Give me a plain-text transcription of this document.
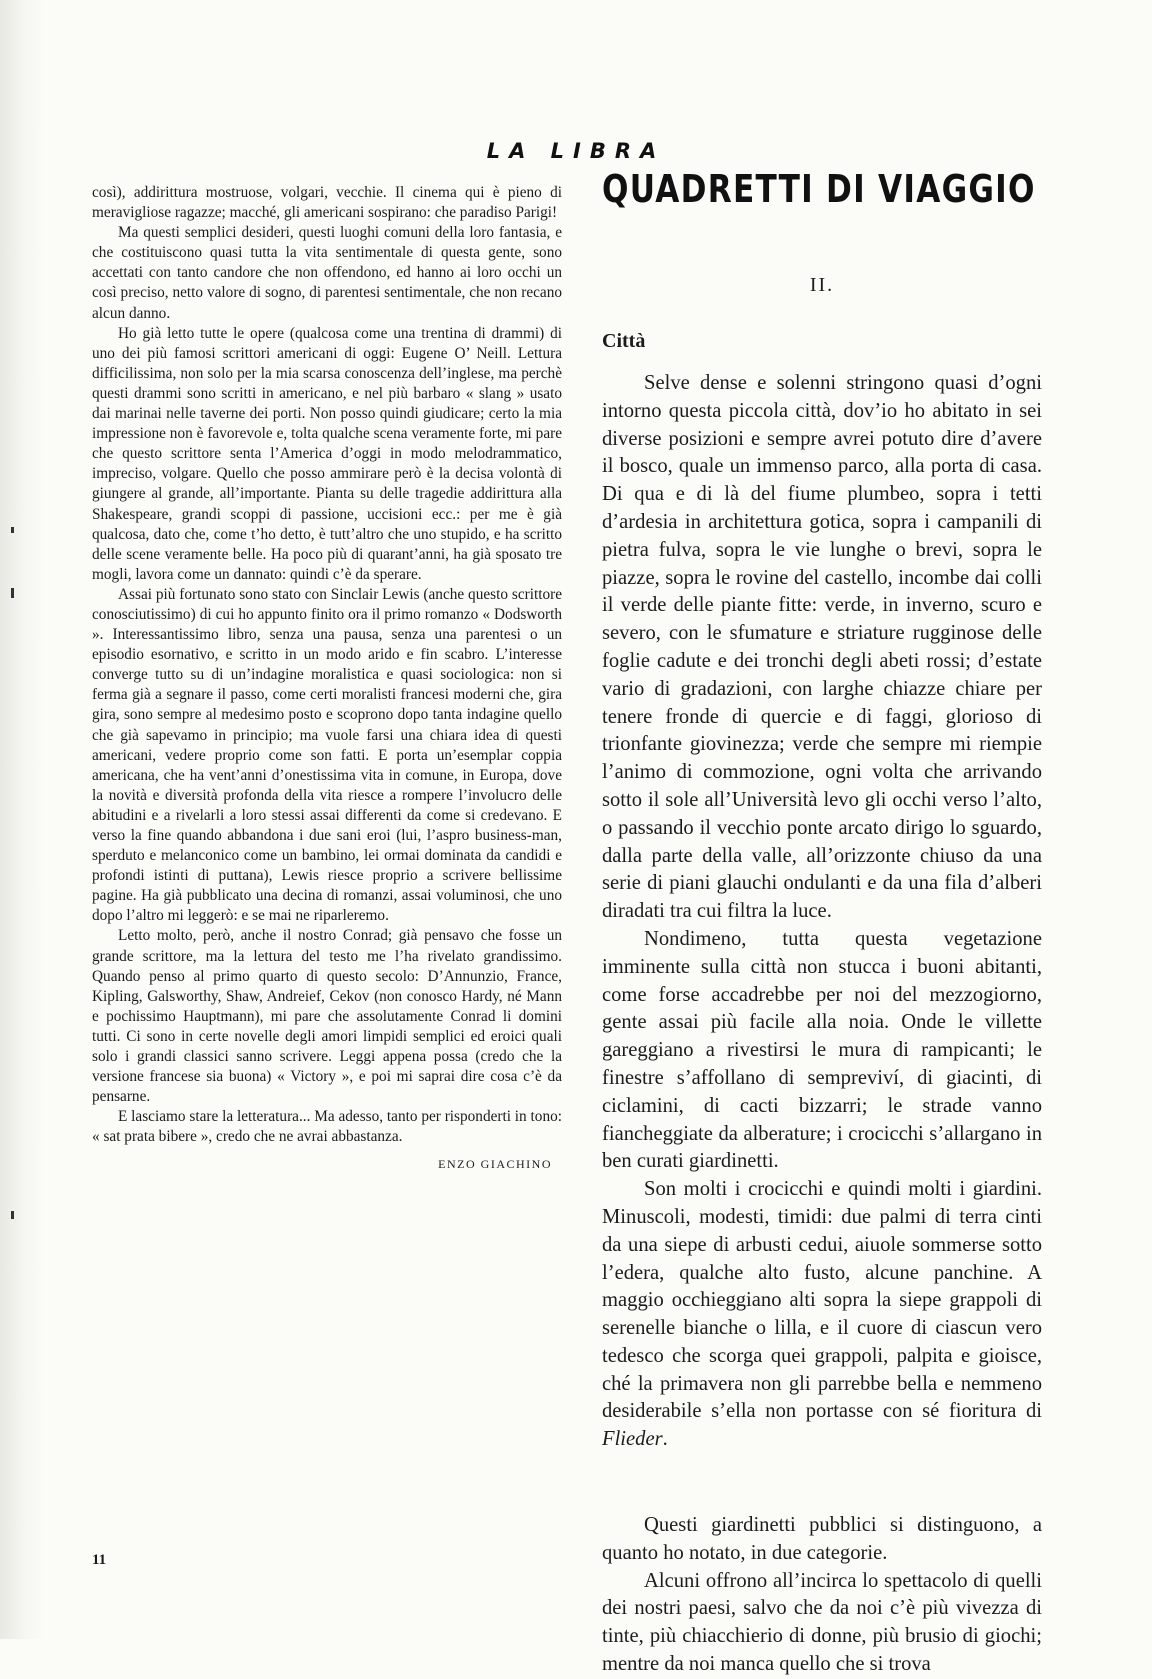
LA LIBRA

così), addirittura mostruose, volgari, vecchie. Il cinema qui è pieno di meravigliose ragazze; macché, gli americani sospirano: che paradiso Parigi!

Ma questi semplici desideri, questi luoghi comuni della loro fantasia, e che costituiscono quasi tutta la vita sentimentale di questa gente, sono accettati con tanto candore che non offendono, ed hanno ai loro occhi un così preciso, netto valore di sogno, di parentesi sentimentale, che non recano alcun danno.

Ho già letto tutte le opere (qualcosa come una trentina di drammi) di uno dei più famosi scrittori americani di oggi: Eugene O’ Neill. Lettura difficilissima, non solo per la mia scarsa conoscenza dell’inglese, ma perchè questi drammi sono scritti in americano, e nel più barbaro « slang » usato dai marinai nelle taverne dei porti. Non posso quindi giudicare; certo la mia impressione non è favorevole e, tolta qualche scena veramente forte, mi pare che questo scrittore senta l’America d’oggi in modo melodrammatico, impreciso, volgare. Quello che posso ammirare però è la decisa volontà di giungere al grande, all’importante. Pianta su delle tragedie addirittura alla Shakespeare, grandi scoppi di passione, uccisioni ecc.: per me è già qualcosa, dato che, come t’ho detto, è tutt’altro che uno stupido, e ha scritto delle scene veramente belle. Ha poco più di quarant’anni, ha già sposato tre mogli, lavora come un dannato: quindi c’è da sperare.

Assai più fortunato sono stato con Sinclair Lewis (anche questo scrittore conosciutissimo) di cui ho appunto finito ora il primo romanzo « Dodsworth ». Interessantissimo libro, senza una pausa, senza una parentesi o un episodio esornativo, e scritto in un modo arido e fin scabro. L’interesse converge tutto su di un’indagine moralistica e quasi sociologica: non si ferma già a segnare il passo, come certi moralisti francesi moderni che, gira gira, sono sempre al medesimo posto e scoprono dopo tanta indagine quello che già sapevamo in principio; ma vuole farsi una chiara idea di questi americani, vedere proprio come son fatti. E porta un’esemplar coppia americana, che ha vent’anni d’onestissima vita in comune, in Europa, dove la novità e diversità profonda della vita riesce a rompere l’involucro delle abitudini e a rivelarli a loro stessi assai differenti da come si credevano. E verso la fine quando abbandona i due sani eroi (lui, l’aspro business-man, sperduto e melanconico come un bambino, lei ormai dominata da candidi e profondi istinti di puttana), Lewis riesce proprio a scrivere bellissime pagine. Ha già pubblicato una decina di romanzi, assai voluminosi, che uno dopo l’altro mi leggerò: e se mai ne riparleremo.

Letto molto, però, anche il nostro Conrad; già pensavo che fosse un grande scrittore, ma la lettura del testo me l’ha rivelato grandissimo. Quando penso al primo quarto di questo secolo: D’Annunzio, France, Kipling, Galsworthy, Shaw, Andreief, Cekov (non conosco Hardy, né Mann e pochissimo Hauptmann), mi pare che assolutamente Conrad li domini tutti. Ci sono in certe novelle degli amori limpidi semplici ed eroici quali solo i grandi classici sanno scrivere. Leggi appena possa (credo che la versione francese sia buona) « Victory », e poi mi saprai dire cosa c’è da pensarne.

E lasciamo stare la letteratura... Ma adesso, tanto per risponderti in tono: « sat prata bibere », credo che ne avrai abbastanza.

ENZO GIACHINO

QUADRETTI DI VIAGGIO
II.
Città

Selve dense e solenni stringono quasi d’ogni intorno questa piccola città, dov’io ho abitato in sei diverse posizioni e sempre avrei potuto dire d’avere il bosco, quale un immenso parco, alla porta di casa. Di qua e di là del fiume plumbeo, sopra i tetti d’ardesia in architettura gotica, sopra i campanili di pietra fulva, sopra le vie lunghe o brevi, sopra le piazze, sopra le rovine del castello, incombe dai colli il verde delle piante fitte: verde, in inverno, scuro e severo, con le sfumature e striature rugginose delle foglie cadute e dei tronchi degli abeti rossi; d’estate vario di gradazioni, con larghe chiazze chiare per tenere fronde di quercie e di faggi, glorioso di trionfante giovinezza; verde che sempre mi riempie l’animo di commozione, ogni volta che arrivando sotto il sole all’Università levo gli occhi verso l’alto, o passando il vecchio ponte arcato dirigo lo sguardo, dalla parte della valle, all’orizzonte chiuso da una serie di piani glauchi ondulanti e da una fila d’alberi diradati tra cui filtra la luce.

Nondimeno, tutta questa vegetazione imminente sulla città non stucca i buoni abitanti, come forse accadrebbe per noi del mezzogiorno, gente assai più facile alla noia. Onde le villette gareggiano a rivestirsi le mura di rampicanti; le finestre s’affollano di sempreviví, di giacinti, di ciclamini, di cacti bizzarri; le strade vanno fiancheggiate da alberature; i crocicchi s’allargano in ben curati giardinetti.

Son molti i crocicchi e quindi molti i giardini. Minuscoli, modesti, timidi: due palmi di terra cinti da una siepe di arbusti cedui, aiuole sommerse sotto l’edera, qualche alto fusto, alcune panchine. A maggio occhieggiano alti sopra la siepe grappoli di serenelle bianche o lilla, e il cuore di ciascun vero tedesco che scorga quei grappoli, palpita e gioisce, ché la primavera non gli parrebbe bella e nemmeno desiderabile s’ella non portasse con sé fioritura di Flieder.

Questi giardinetti pubblici si distinguono, a quanto ho notato, in due categorie.

Alcuni offrono all’incirca lo spettacolo di quelli dei nostri paesi, salvo che da noi c’è più vivezza di tinte, più chiacchierio di donne, più brusio di giochi; mentre da noi manca quello che si trova

11
